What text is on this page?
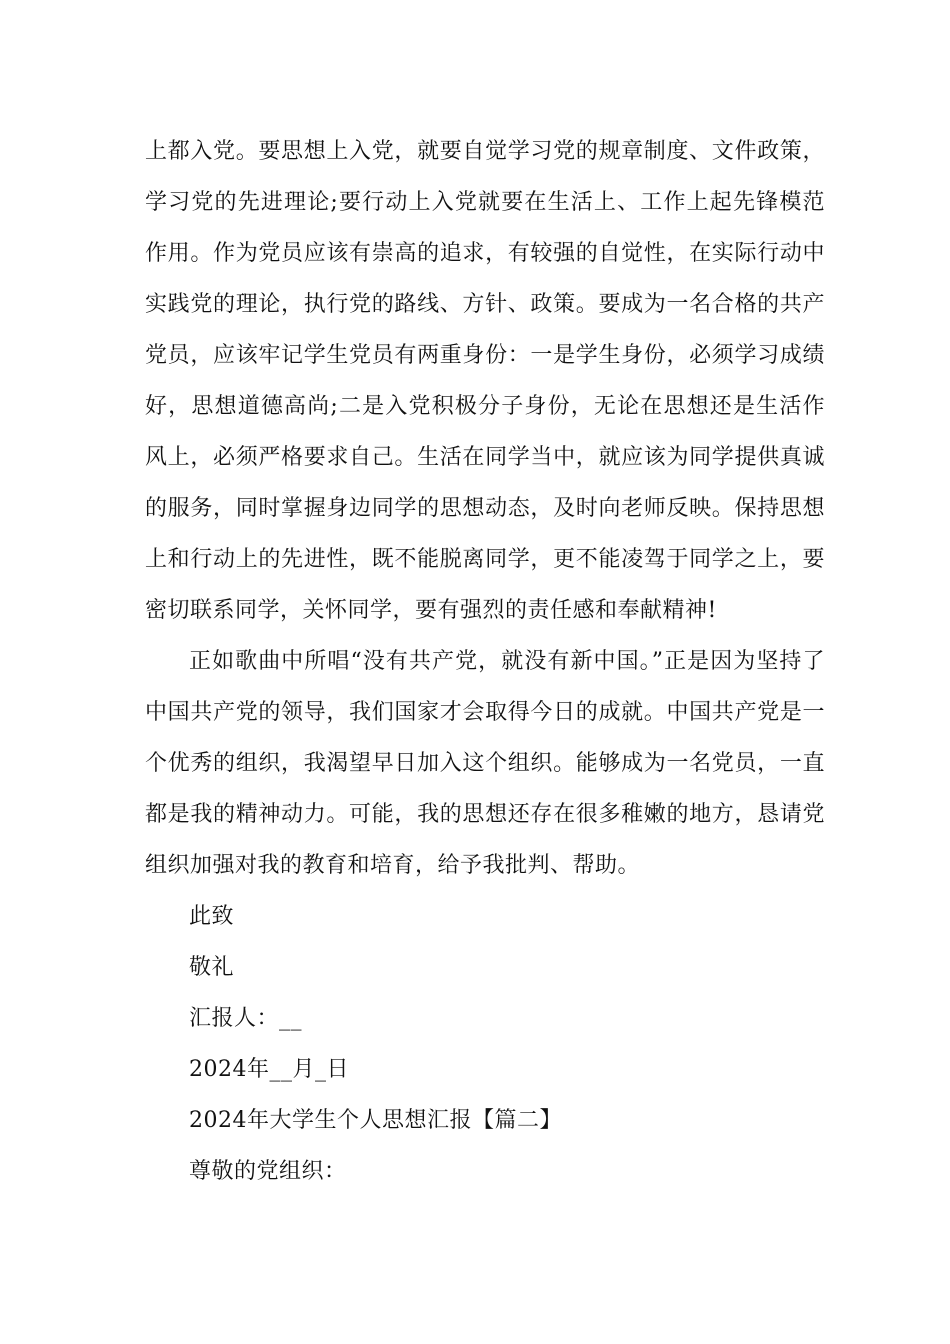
上都入党。要思想上入党，就要自觉学习党的规章制度、文件政策，学习党的先进理论;要行动上入党就要在生活上、工作上起先锋模范作用。作为党员应该有崇高的追求，有较强的自觉性，在实际行动中实践党的理论，执行党的路线、方针、政策。要成为一名合格的共产党员，应该牢记学生党员有两重身份：一是学生身份，必须学习成绩好，思想道德高尚;二是入党积极分子身份，无论在思想还是生活作风上，必须严格要求自己。生活在同学当中，就应该为同学提供真诚的服务，同时掌握身边同学的思想动态，及时向老师反映。保持思想上和行动上的先进性，既不能脱离同学，更不能凌驾于同学之上，要密切联系同学，关怀同学，要有强烈的责任感和奉献精神!

正如歌曲中所唱“没有共产党，就没有新中国。”正是因为坚持了中国共产党的领导，我们国家才会取得今日的成就。中国共产党是一个优秀的组织，我渴望早日加入这个组织。能够成为一名党员，一直都是我的精神动力。可能，我的思想还存在很多稚嫩的地方，恳请党组织加强对我的教育和培育，给予我批判、帮助。

此致

敬礼

汇报人：__

2024年__月_日

2024年大学生个人思想汇报【篇二】

尊敬的党组织：
